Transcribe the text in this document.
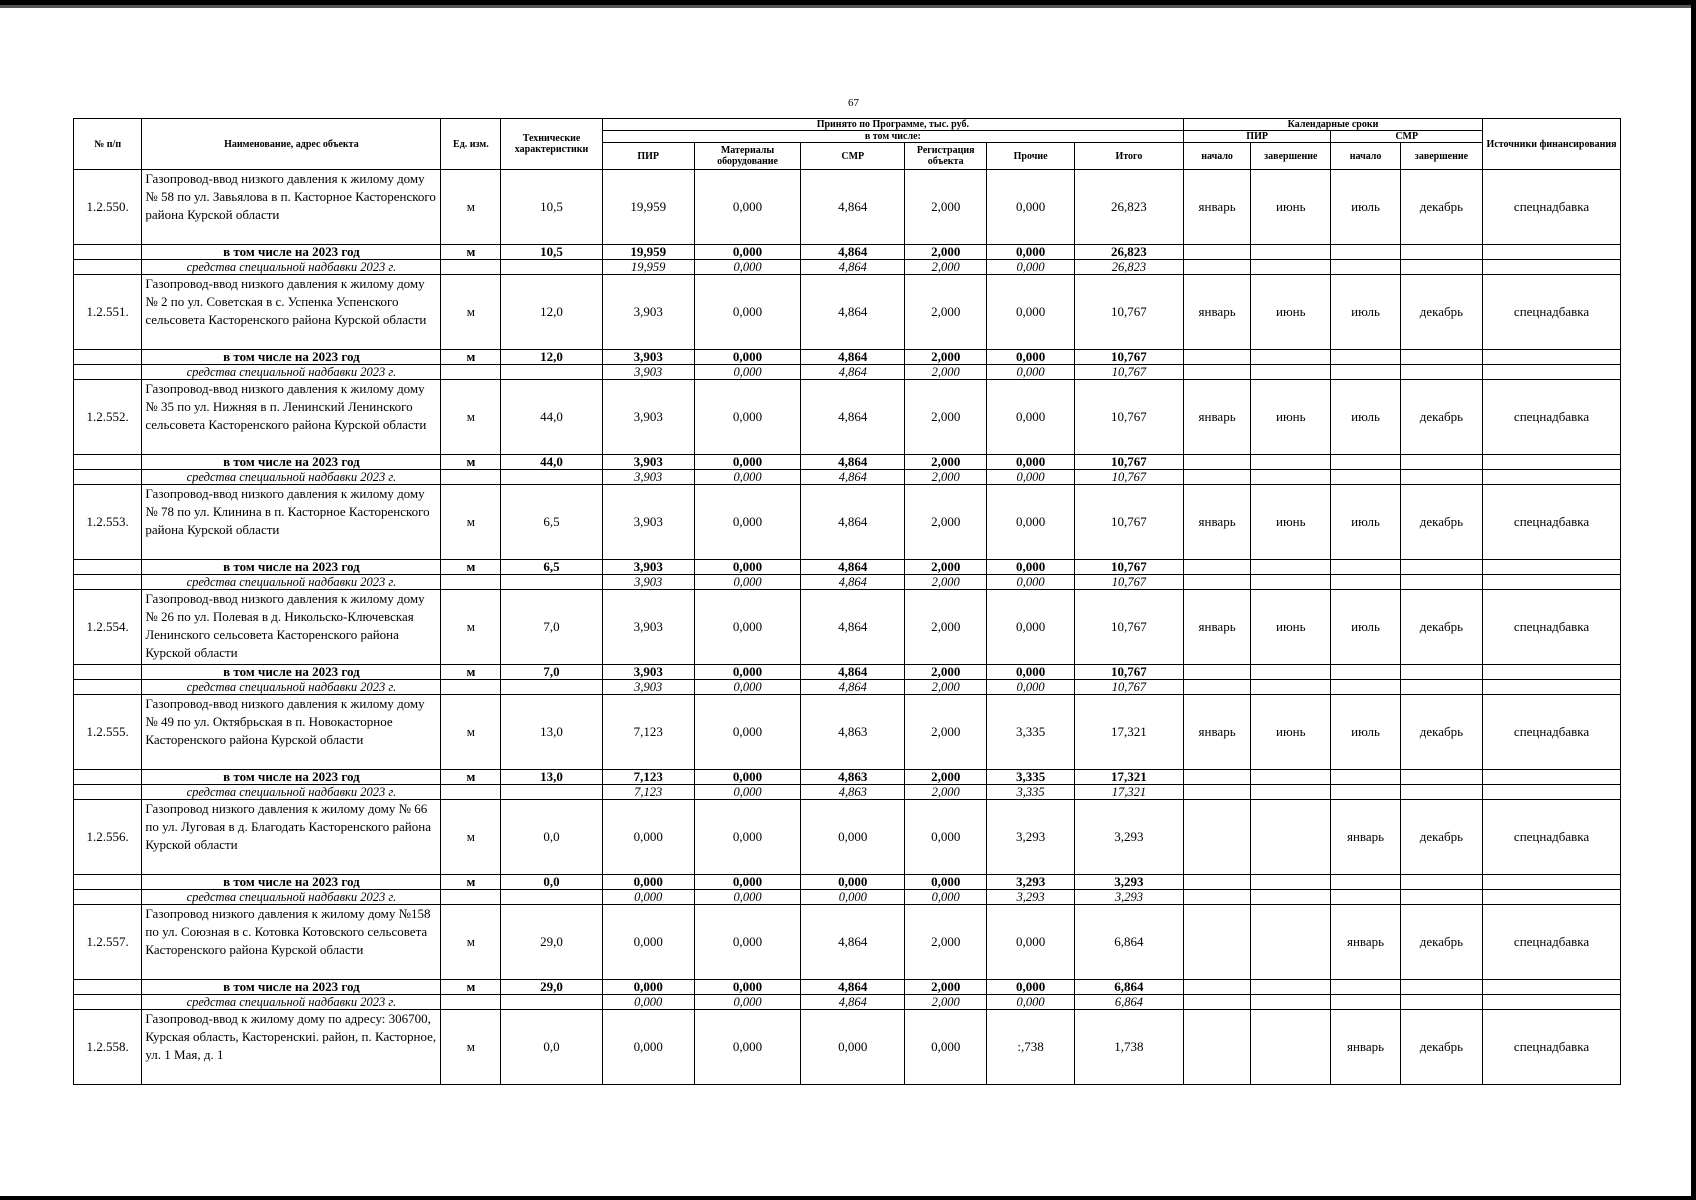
67
№ п/п	Наименование, адрес объекта	Ед. изм.	Технические характеристики	Принято по Программе, тыс. руб.						Календарные сроки				Источники финансирования
				в том числе:						ПИР		СМР		
				ПИР	Материалы оборудование	СМР	Регистрация объекта	Прочие	Итого	начало	завершение	начало	завершение	
1.2.550.	Газопровод-ввод низкого давления к жилому дому № 58 по ул. Завьялова в п. Касторное Касторенского района Курской области	м	10,5	19,959	0,000	4,864	2,000	0,000	26,823	январь	июнь	июль	декабрь	спецнадбавка
	в том числе на 2023 год	м	10,5	19,959	0,000	4,864	2,000	0,000	26,823					
	средства специальной надбавки 2023 г.			19,959	0,000	4,864	2,000	0,000	26,823					
1.2.551.	Газопровод-ввод низкого давления к жилому дому № 2 по ул. Советская в с. Успенка Успенского сельсовета Касторенского района Курской области	м	12,0	3,903	0,000	4,864	2,000	0,000	10,767	январь	июнь	июль	декабрь	спецнадбавка
	в том числе на 2023 год	м	12,0	3,903	0,000	4,864	2,000	0,000	10,767					
	средства специальной надбавки 2023 г.			3,903	0,000	4,864	2,000	0,000	10,767					
1.2.552.	Газопровод-ввод низкого давления к жилому дому № 35 по ул. Нижняя в п. Ленинский Ленинского сельсовета Касторенского района Курской области	м	44,0	3,903	0,000	4,864	2,000	0,000	10,767	январь	июнь	июль	декабрь	спецнадбавка
	в том числе на 2023 год	м	44,0	3,903	0,000	4,864	2,000	0,000	10,767					
	средства специальной надбавки 2023 г.			3,903	0,000	4,864	2,000	0,000	10,767					
1.2.553.	Газопровод-ввод низкого давления к жилому дому № 78 по ул. Клинина в п. Касторное Касторенского района Курской области	м	6,5	3,903	0,000	4,864	2,000	0,000	10,767	январь	июнь	июль	декабрь	спецнадбавка
	в том числе на 2023 год	м	6,5	3,903	0,000	4,864	2,000	0,000	10,767					
	средства специальной надбавки 2023 г.			3,903	0,000	4,864	2,000	0,000	10,767					
1.2.554.	Газопровод-ввод низкого давления к жилому дому № 26 по ул. Полевая в д. Никольско-Ключевская Ленинского сельсовета Касторенского района Курской области	м	7,0	3,903	0,000	4,864	2,000	0,000	10,767	январь	июнь	июль	декабрь	спецнадбавка
	в том числе на 2023 год	м	7,0	3,903	0,000	4,864	2,000	0,000	10,767					
	средства специальной надбавки 2023 г.			3,903	0,000	4,864	2,000	0,000	10,767					
1.2.555.	Газопровод-ввод низкого давления к жилому дому № 49 по ул. Октябрьская в п. Новокасторное Касторенского района Курской области	м	13,0	7,123	0,000	4,863	2,000	3,335	17,321	январь	июнь	июль	декабрь	спецнадбавка
	в том числе на 2023 год	м	13,0	7,123	0,000	4,863	2,000	3,335	17,321					
	средства специальной надбавки 2023 г.			7,123	0,000	4,863	2,000	3,335	17,321					
1.2.556.	Газопровод низкого давления к жилому дому № 66 по ул. Луговая в д. Благодать Касторенского района Курской области	м	0,0	0,000	0,000	0,000	0,000	3,293	3,293			январь	декабрь	спецнадбавка
	в том числе на 2023 год	м	0,0	0,000	0,000	0,000	0,000	3,293	3,293					
	средства специальной надбавки 2023 г.			0,000	0,000	0,000	0,000	3,293	3,293					
1.2.557.	Газопровод низкого давления к жилому дому №158 по ул. Союзная в с. Котовка Котовского сельсовета Касторенского района Курской области	м	29,0	0,000	0,000	4,864	2,000	0,000	6,864			январь	декабрь	спецнадбавка
	в том числе на 2023 год	м	29,0	0,000	0,000	4,864	2,000	0,000	6,864					
	средства специальной надбавки 2023 г.			0,000	0,000	4,864	2,000	0,000	6,864					
1.2.558.	Газопровод-ввод к жилому дому по адресу: 306700, Курская область, Касторенскиі. район, п. Касторное, ул. 1 Мая, д. 1	м	0,0	0,000	0,000	0,000	0,000	:,738	1,738			январь	декабрь	спецнадбавка
